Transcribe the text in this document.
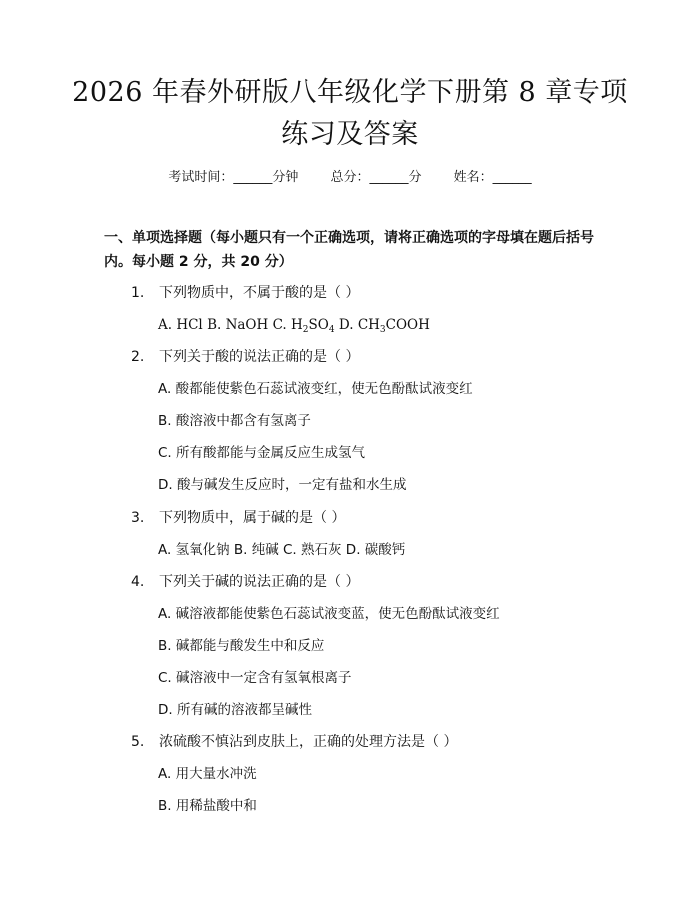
2026 年春外研版八年级化学下册第 8 章专项
练习及答案
考试时间：______分钟 总分：______分 姓名：______
一、单项选择题（每小题只有一个正确选项，请将正确选项的字母填在题后括号内。每小题 2 分，共 20 分）
1. 下列物质中，不属于酸的是（ ）
A. HCl B. NaOH C. $H_2SO_4$ D. $CH_3COOH$
2. 下列关于酸的说法正确的是（ ）
A. 酸都能使紫色石蕊试液变红，使无色酚酞试液变红
B. 酸溶液中都含有氢离子
C. 所有酸都能与金属反应生成氢气
D. 酸与碱发生反应时，一定有盐和水生成
3. 下列物质中，属于碱的是（ ）
A. 氢氧化钠 B. 纯碱 C. 熟石灰 D. 碳酸钙
4. 下列关于碱的说法正确的是（ ）
A. 碱溶液都能使紫色石蕊试液变蓝，使无色酚酞试液变红
B. 碱都能与酸发生中和反应
C. 碱溶液中一定含有氢氧根离子
D. 所有碱的溶液都呈碱性
5. 浓硫酸不慎沾到皮肤上，正确的处理方法是（ ）
A. 用大量水冲洗
B. 用稀盐酸中和
